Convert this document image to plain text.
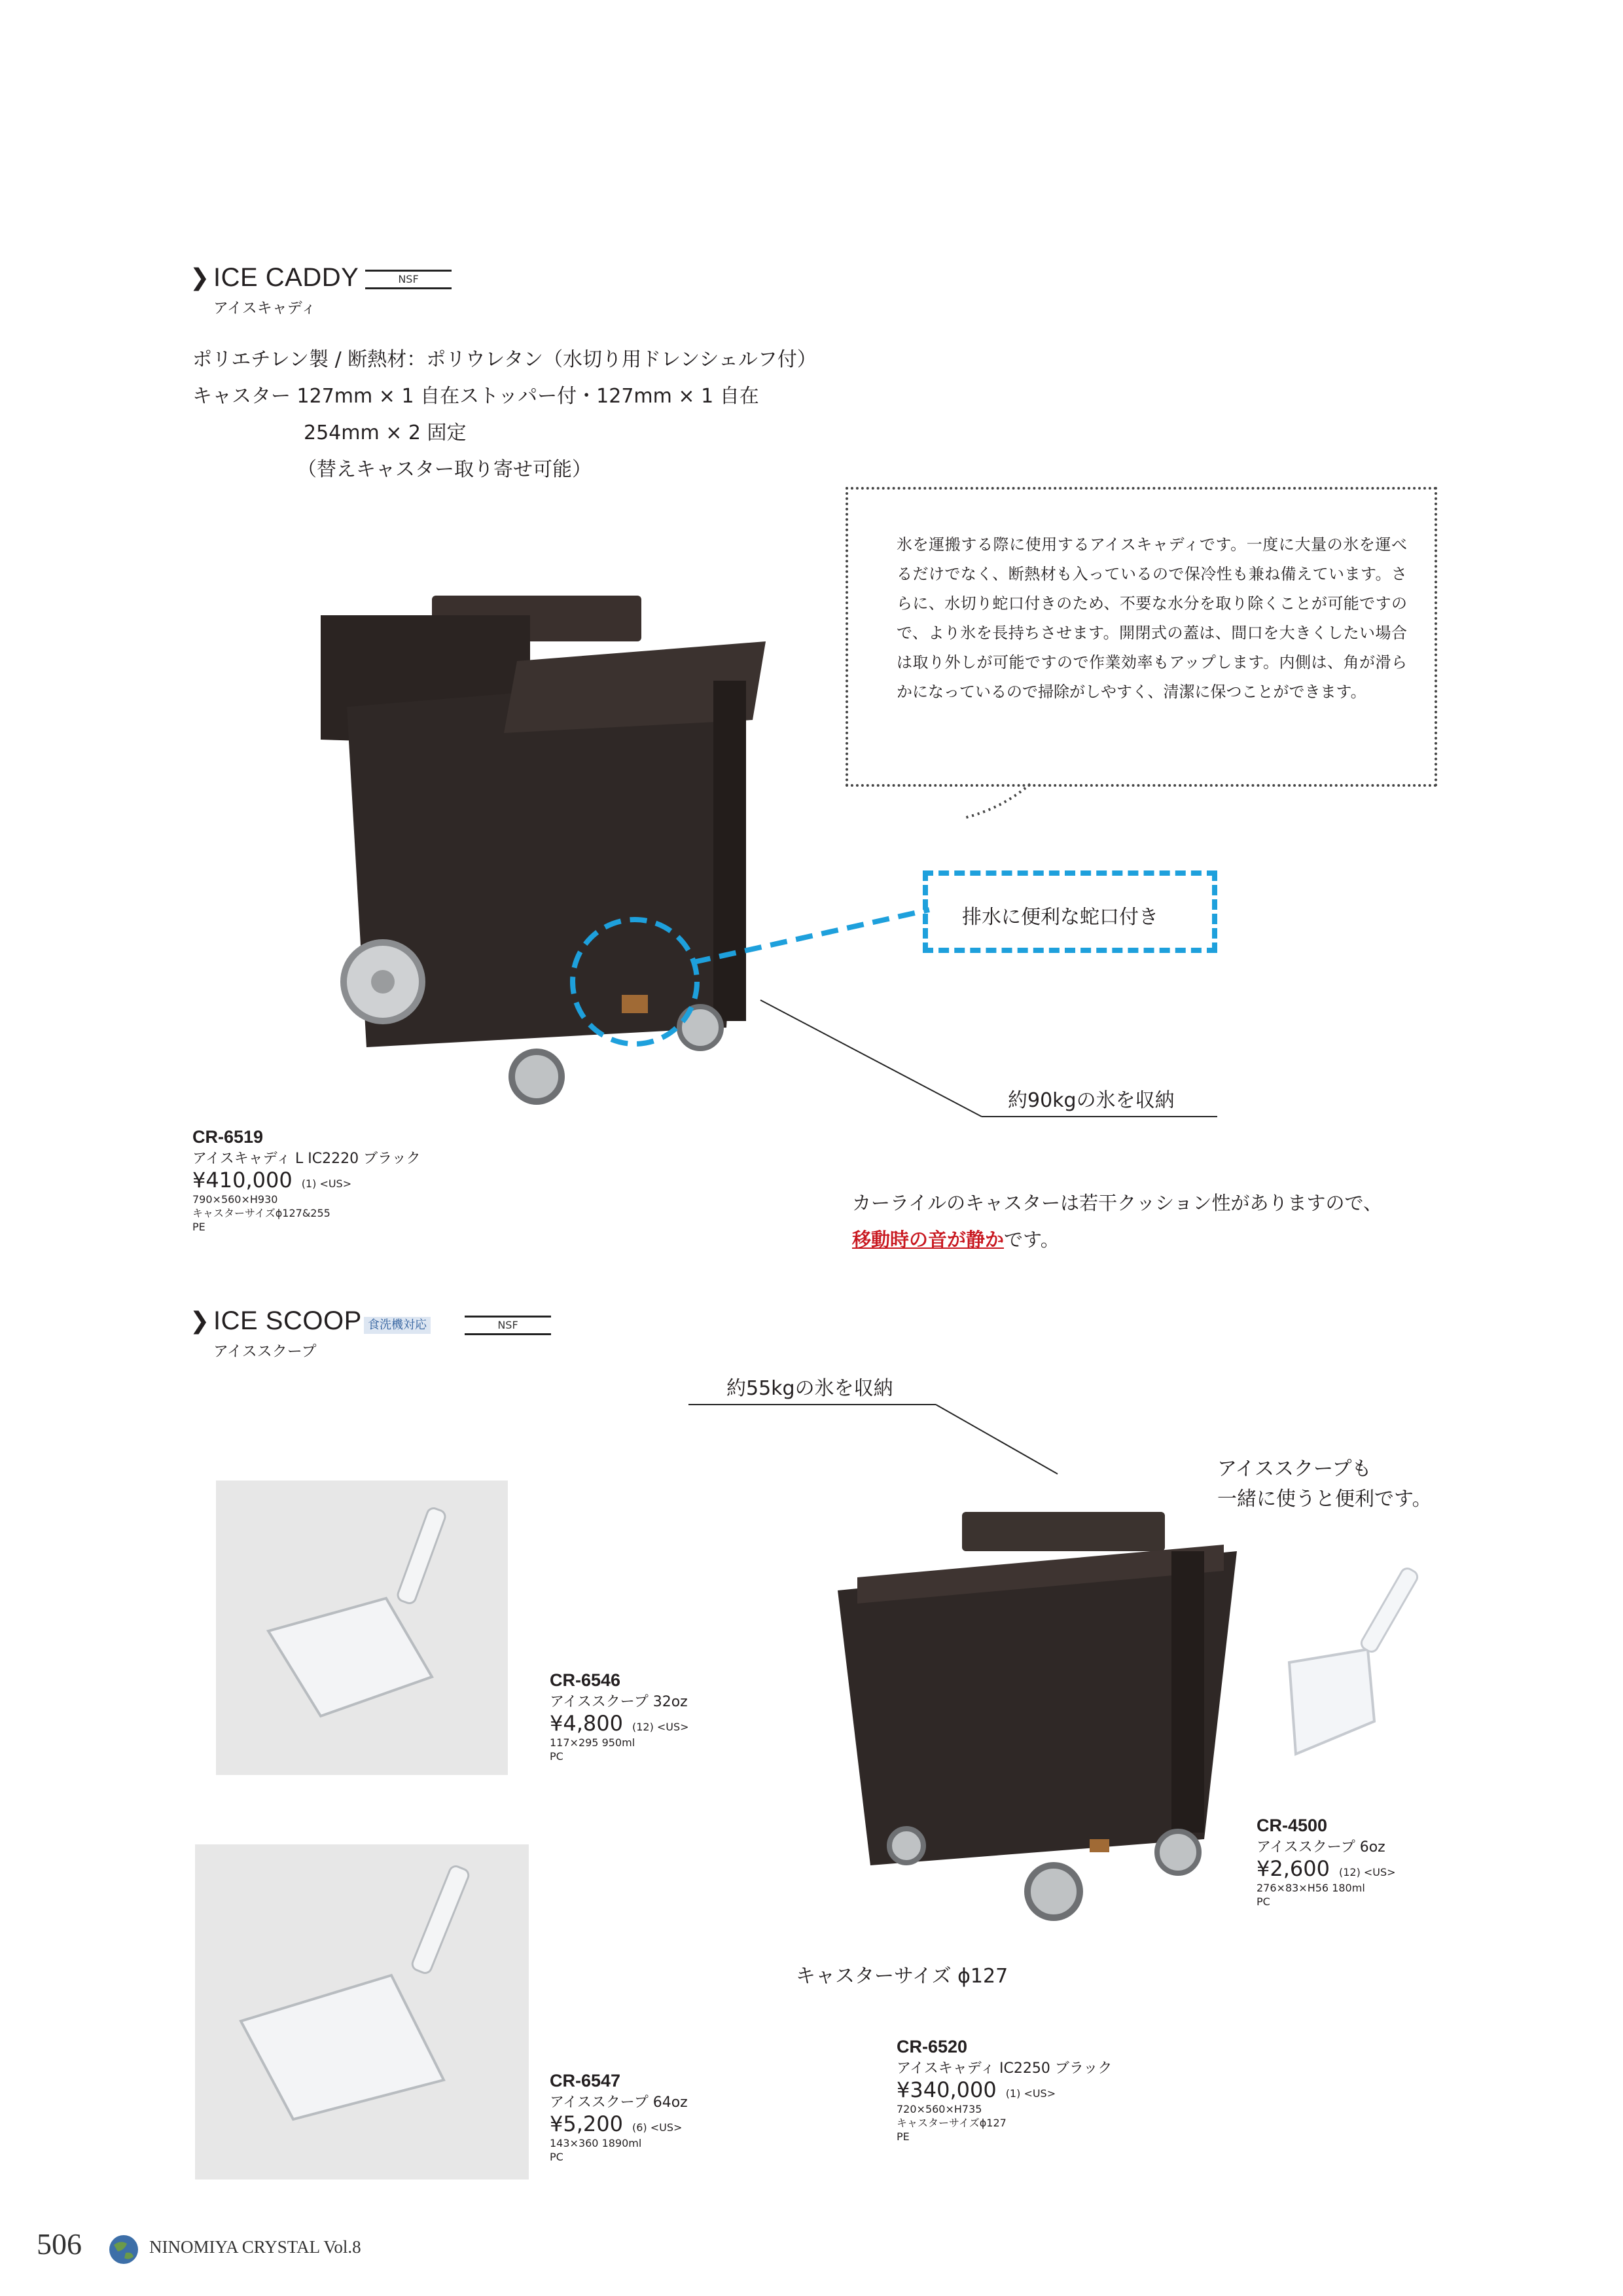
❯ ICE CADDY
アイスキャディ
NSF
ポリエチレン製 / 断熱材：ポリウレタン（水切り用ドレンシェルフ付）
キャスター 127mm × 1 自在ストッパー付・127mm × 1 自在
254mm × 2 固定
（替えキャスター取り寄せ可能）
氷を運搬する際に使用するアイスキャディです。一度に大量の氷を運べるだけでなく、断熱材も入っているので保冷性も兼ね備えています。さらに、水切り蛇口付きのため、不要な水分を取り除くことが可能ですので、より氷を長持ちさせます。開閉式の蓋は、間口を大きくしたい場合は取り外しが可能ですので作業効率もアップします。内側は、角が滑らかになっているので掃除がしやすく、清潔に保つことができます。
排水に便利な蛇口付き
約90kgの氷を収納
CR-6519
アイスキャディ L IC2220 ブラック
¥410,000 (1) <US>
790×560×H930
キャスターサイズϕ127&255
PE
カーライルのキャスターは若干クッション性がありますので、
移動時の音が静かです。
❯ ICE SCOOP
アイススクープ
食洗機対応	NSF
約55kgの氷を収納
アイススクープも
一緒に使うと便利です。
CR-6546
アイススクープ 32oz
¥4,800 (12) <US>
117×295 950ml
PC
CR-6547
アイススクープ 64oz
¥5,200 (6) <US>
143×360 1890ml
PC
CR-4500
アイススクープ 6oz
¥2,600 (12) <US>
276×83×H56 180ml
PC
キャスターサイズ ϕ127
CR-6520
アイスキャディ IC2250 ブラック
¥340,000 (1) <US>
720×560×H735
キャスターサイズϕ127
PE
506	NINOMIYA CRYSTAL Vol.8
